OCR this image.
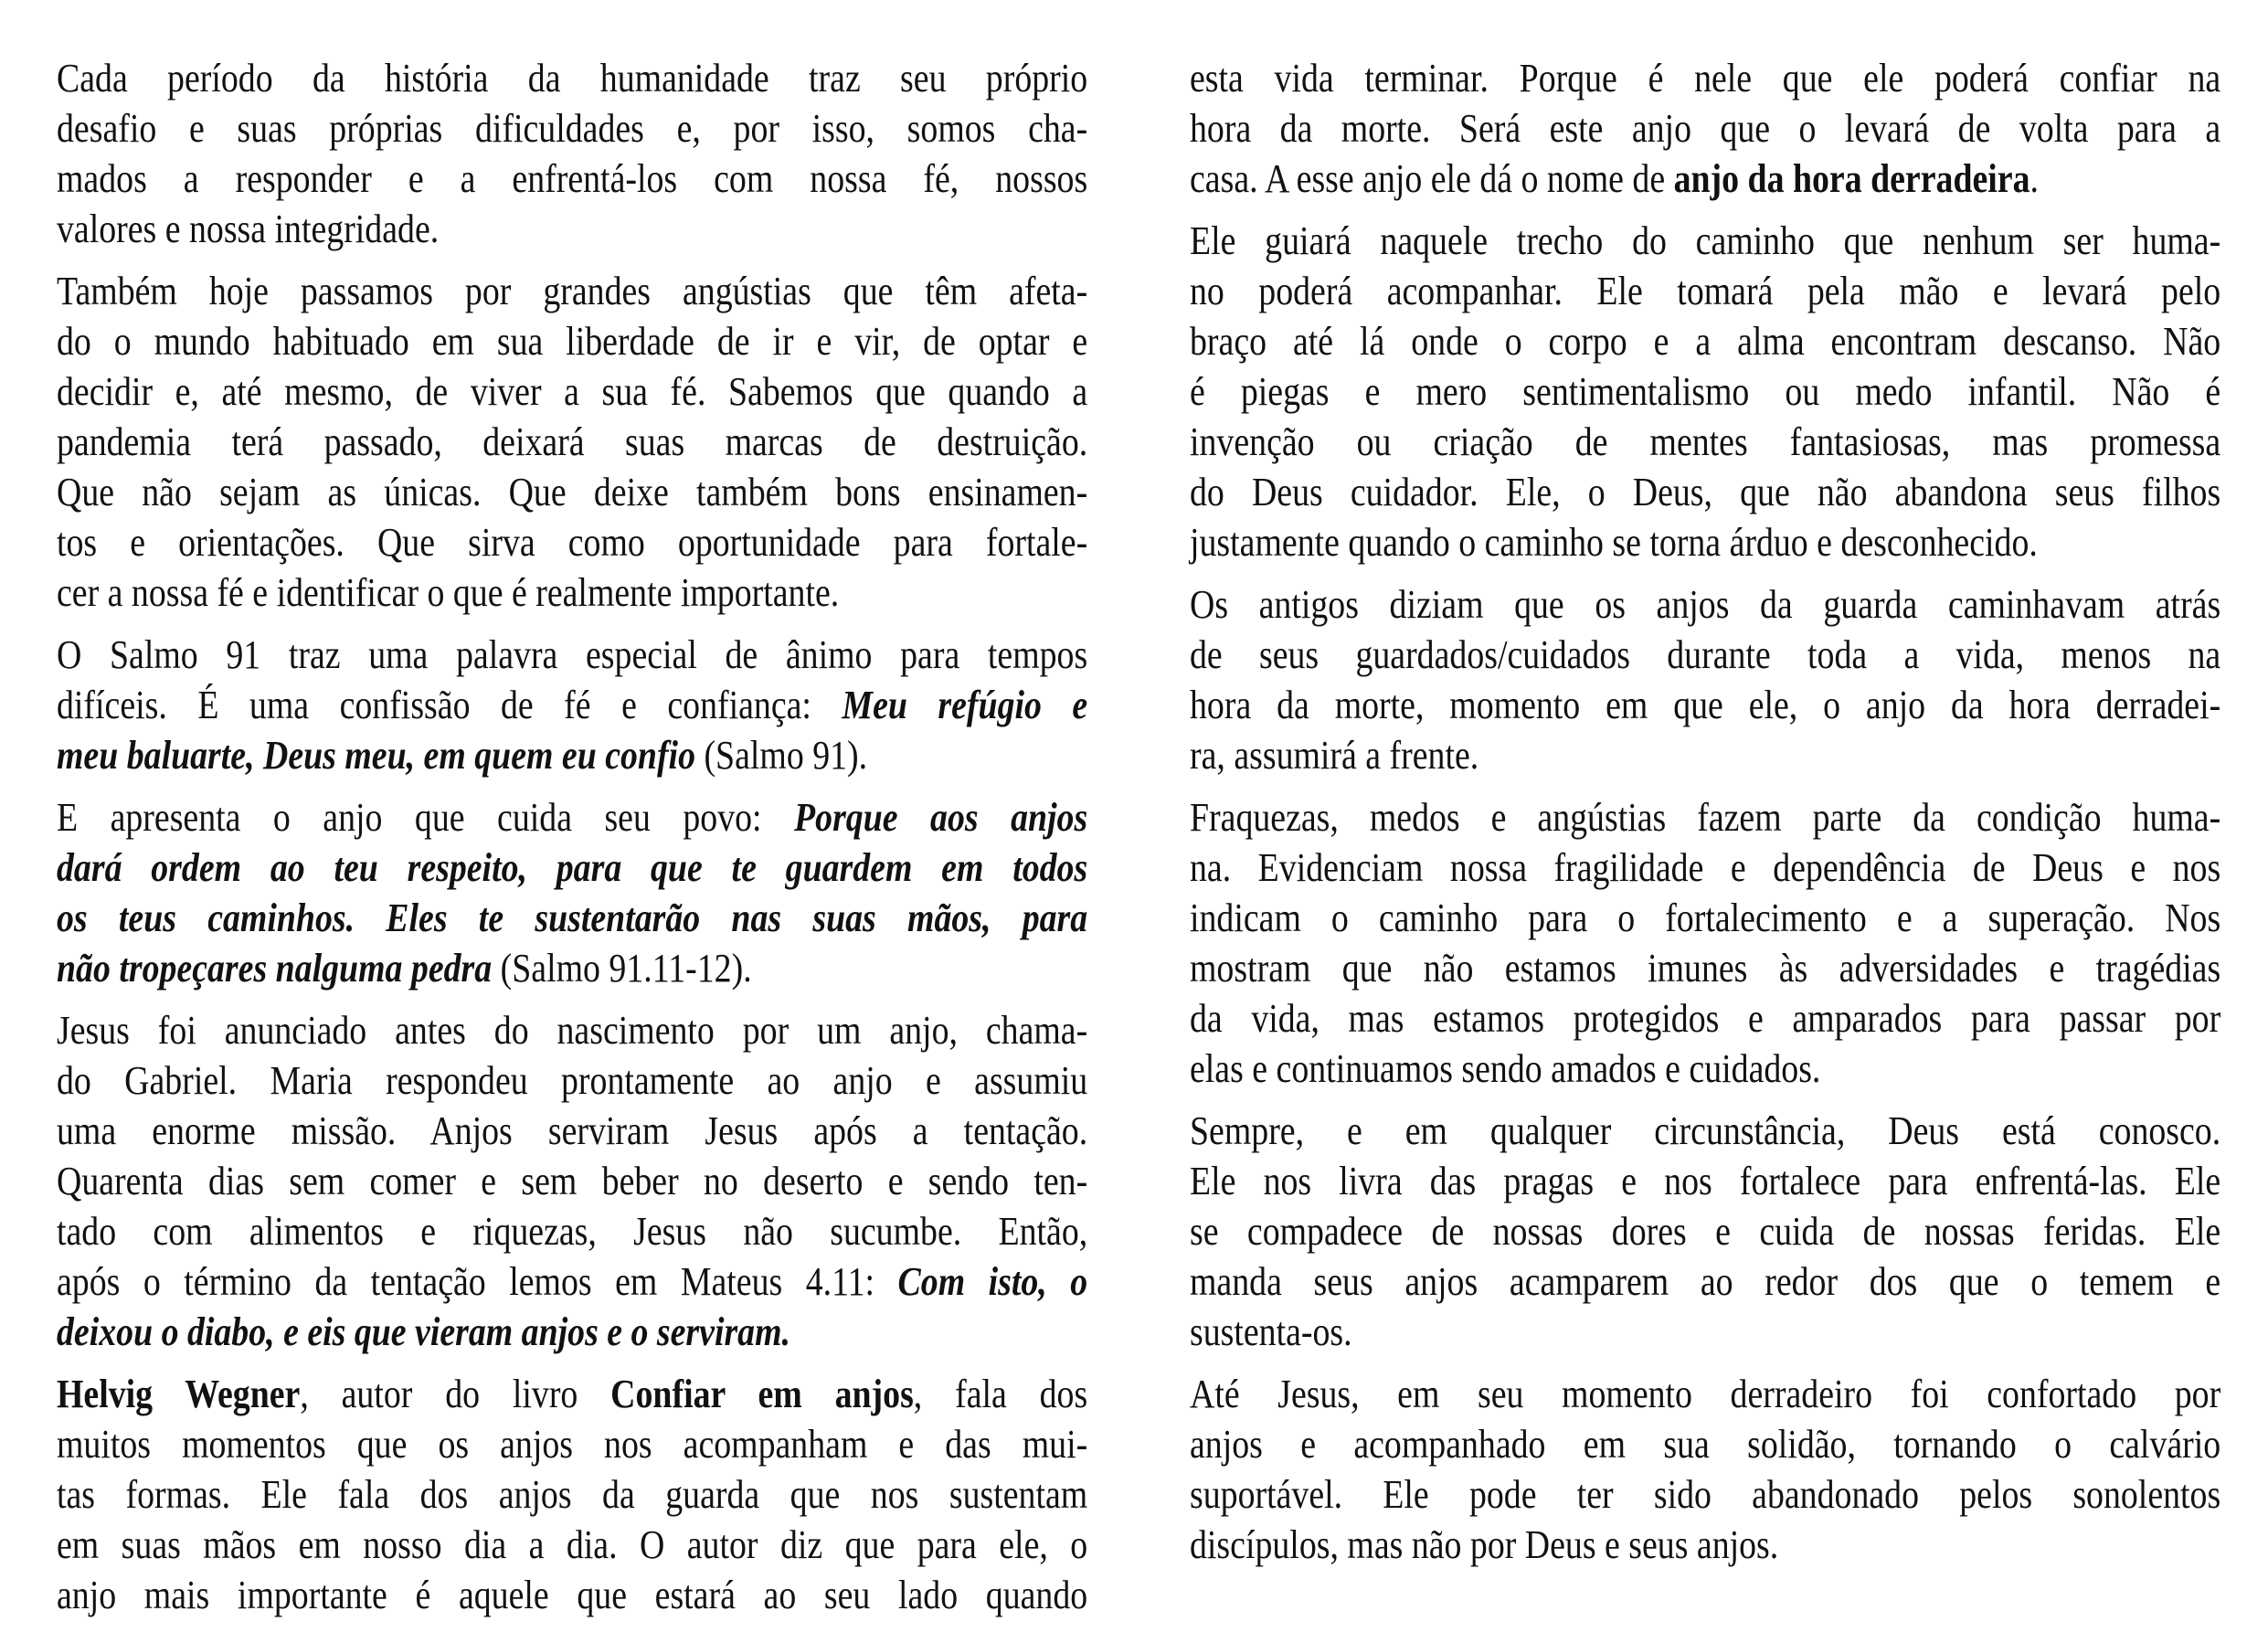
Cada período da história da humanidade traz seu próprio
desafio e suas próprias dificuldades e, por isso, somos cha-
mados a responder e a enfrentá-los com nossa fé, nossos
valores e nossa integridade.
Também hoje passamos por grandes angústias que têm afeta-
do o mundo habituado em sua liberdade de ir e vir, de optar e
decidir e, até mesmo, de viver a sua fé. Sabemos que quando a
pandemia terá passado, deixará suas marcas de destruição.
Que não sejam as únicas. Que deixe também bons ensinamen-
tos e orientações. Que sirva como oportunidade para fortale-
cer a nossa fé e identificar o que é realmente importante.
O Salmo 91 traz uma palavra especial de ânimo para tempos
difíceis. É uma confissão de fé e confiança: Meu refúgio e
meu baluarte, Deus meu, em quem eu confio (Salmo 91).
E apresenta o anjo que cuida seu povo: Porque aos anjos
dará ordem ao teu respeito, para que te guardem em todos
os teus caminhos. Eles te sustentarão nas suas mãos, para
não tropeçares nalguma pedra (Salmo 91.11-12).
Jesus foi anunciado antes do nascimento por um anjo, chama-
do Gabriel. Maria respondeu prontamente ao anjo e assumiu
uma enorme missão. Anjos serviram Jesus após a tentação.
Quarenta dias sem comer e sem beber no deserto e sendo ten-
tado com alimentos e riquezas, Jesus não sucumbe. Então,
após o término da tentação lemos em Mateus 4.11: Com isto, o
deixou o diabo, e eis que vieram anjos e o serviram.
Helvig Wegner, autor do livro Confiar em anjos, fala dos
muitos momentos que os anjos nos acompanham e das mui-
tas formas. Ele fala dos anjos da guarda que nos sustentam
em suas mãos em nosso dia a dia. O autor diz que para ele, o
anjo mais importante é aquele que estará ao seu lado quando
esta vida terminar. Porque é nele que ele poderá confiar na
hora da morte. Será este anjo que o levará de volta para a
casa. A esse anjo ele dá o nome de anjo da hora derradeira.
Ele guiará naquele trecho do caminho que nenhum ser huma-
no poderá acompanhar. Ele tomará pela mão e levará pelo
braço até lá onde o corpo e a alma encontram descanso. Não
é piegas e mero sentimentalismo ou medo infantil. Não é
invenção ou criação de mentes fantasiosas, mas promessa
do Deus cuidador. Ele, o Deus, que não abandona seus filhos
justamente quando o caminho se torna árduo e desconhecido.
Os antigos diziam que os anjos da guarda caminhavam atrás
de seus guardados/cuidados durante toda a vida, menos na
hora da morte, momento em que ele, o anjo da hora derradei-
ra, assumirá a frente.
Fraquezas, medos e angústias fazem parte da condição huma-
na. Evidenciam nossa fragilidade e dependência de Deus e nos
indicam o caminho para o fortalecimento e a superação. Nos
mostram que não estamos imunes às adversidades e tragédias
da vida, mas estamos protegidos e amparados para passar por
elas e continuamos sendo amados e cuidados.
Sempre, e em qualquer circunstância, Deus está conosco.
Ele nos livra das pragas e nos fortalece para enfrentá-las. Ele
se compadece de nossas dores e cuida de nossas feridas. Ele
manda seus anjos acamparem ao redor dos que o temem e
sustenta-os.
Até Jesus, em seu momento derradeiro foi confortado por
anjos e acompanhado em sua solidão, tornando o calvário
suportável. Ele pode ter sido abandonado pelos sonolentos
discípulos, mas não por Deus e seus anjos.
